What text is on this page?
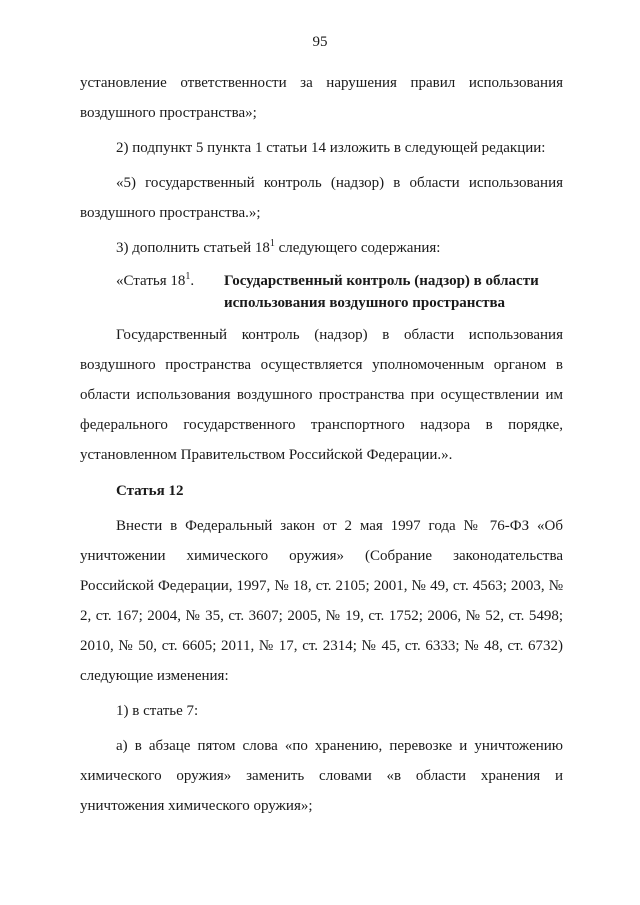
95

установление ответственности за нарушения правил использования воздушного пространства»;

2) подпункт 5 пункта 1 статьи 14 изложить в следующей редакции:

«5) государственный контроль (надзор) в области использования воздушного пространства.»;

3) дополнить статьей $18^1$ следующего содержания:

«Статья $18^1$.	Государственный контроль (надзор) в области использования воздушного пространства

Государственный контроль (надзор) в области использования воздушного пространства осуществляется уполномоченным органом в области использования воздушного пространства при осуществлении им федерального государственного транспортного надзора в порядке, установленном Правительством Российской Федерации.».

Статья 12

Внести в Федеральный закон от 2 мая 1997 года № 76-ФЗ «Об уничтожении химического оружия» (Собрание законодательства Российской Федерации, 1997, № 18, ст. 2105; 2001, № 49, ст. 4563; 2003, № 2, ст. 167; 2004, № 35, ст. 3607; 2005, № 19, ст. 1752; 2006, № 52, ст. 5498; 2010, № 50, ст. 6605; 2011, № 17, ст. 2314; № 45, ст. 6333; № 48, ст. 6732) следующие изменения:

1) в статье 7:

а) в абзаце пятом слова «по хранению, перевозке и уничтожению химического оружия» заменить словами «в области хранения и уничтожения химического оружия»;
